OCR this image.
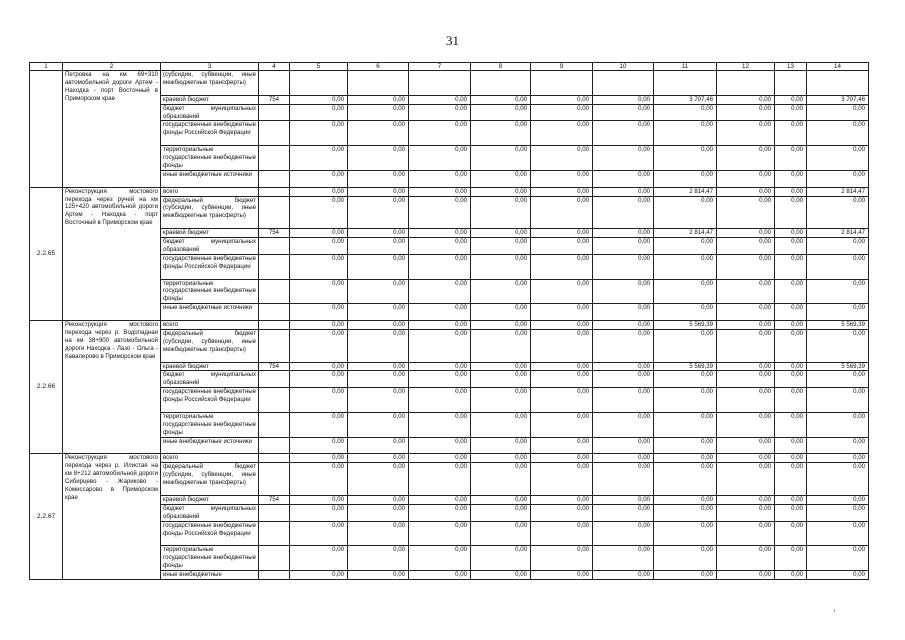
31
1	2	3	4	5	6	7	8	9	10	11	12	13	14
	Петровка на км 69+310 автомобильной дороги Артем - Находка - порт Восточный в Приморском крае	(субсидии, субвенции, иные межбюджетные трансферты)											
		краевой бюджет	754	0,00	0,00	0,00	0,00	0,00	0,00	3 707,46	0,00	0,00	3 707,46
		бюджет муниципальных образований		0,00	0,00	0,00	0,00	0,00	0,00	0,00	0,00	0,00	0,00
		государственные внебюджетные фонды Российской Федерации		0,00	0,00	0,00	0,00	0,00	0,00	0,00	0,00	0,00	0,00
		территориальные государственные внебюджетные фонды		0,00	0,00	0,00	0,00	0,00	0,00	0,00	0,00	0,00	0,00
		иные внебюджетные источники		0,00	0,00	0,00	0,00	0,00	0,00	0,00	0,00	0,00	0,00
2.2.65	Реконструкция мостового перехода через ручей на км 125+420 автомобильной дороги Артем - Находка - порт Восточный в Приморском крае	всего		0,00	0,00	0,00	0,00	0,00	0,00	2 814,47	0,00	0,00	2 814,47
		федеральный бюджет (субсидии, субвенции, иные межбюджетные трансферты)		0,00	0,00	0,00	0,00	0,00	0,00	0,00	0,00	0,00	0,00
		краевой бюджет	754	0,00	0,00	0,00	0,00	0,00	0,00	2 814,47	0,00	0,00	2 814,47
		бюджет муниципальных образований		0,00	0,00	0,00	0,00	0,00	0,00	0,00	0,00	0,00	0,00
		государственные внебюджетные фонды Российской Федерации		0,00	0,00	0,00	0,00	0,00	0,00	0,00	0,00	0,00	0,00
		территориальные государственные внебюджетные фонды		0,00	0,00	0,00	0,00	0,00	0,00	0,00	0,00	0,00	0,00
		иные внебюджетные источники		0,00	0,00	0,00	0,00	0,00	0,00	0,00	0,00	0,00	0,00
2.2.66	Реконструкция мостового перехода через р. Водопадная на км 38+900 автомобильной дороги Находка - Лазо - Ольга - Кавалерово в Приморском крае	всего		0,00	0,00	0,00	0,00	0,00	0,00	5 569,39	0,00	0,00	5 569,39
		федеральный бюджет (субсидии, субвенции, иные межбюджетные трансферты)		0,00	0,00	0,00	0,00	0,00	0,00	0,00	0,00	0,00	0,00
		краевой бюджет	754	0,00	0,00	0,00	0,00	0,00	0,00	5 569,39	0,00	0,00	5 569,39
		бюджет муниципальных образований		0,00	0,00	0,00	0,00	0,00	0,00	0,00	0,00	0,00	0,00
		государственные внебюджетные фонды Российской Федерации		0,00	0,00	0,00	0,00	0,00	0,00	0,00	0,00	0,00	0,00
		территориальные государственные внебюджетные фонды		0,00	0,00	0,00	0,00	0,00	0,00	0,00	0,00	0,00	0,00
		иные внебюджетные источники		0,00	0,00	0,00	0,00	0,00	0,00	0,00	0,00	0,00	0,00
2.2.67	Реконструкция мостового перехода через р. Илистая на км 8+212 автомобильной дороги Сибирцево - Жариково - Комиссарово в Приморском крае	всего		0,00	0,00	0,00	0,00	0,00	0,00	0,00	0,00	0,00	0,00
		федеральный бюджет (субсидии, субвенции, иные межбюджетные трансферты)		0,00	0,00	0,00	0,00	0,00	0,00	0,00	0,00	0,00	0,00
		краевой бюджет	754	0,00	0,00	0,00	0,00	0,00	0,00	0,00	0,00	0,00	0,00
		бюджет муниципальных образований		0,00	0,00	0,00	0,00	0,00	0,00	0,00	0,00	0,00	0,00
		государственные внебюджетные фонды Российской Федерации		0,00	0,00	0,00	0,00	0,00	0,00	0,00	0,00	0,00	0,00
		территориальные государственные внебюджетные фонды		0,00	0,00	0,00	0,00	0,00	0,00	0,00	0,00	0,00	0,00
		иные внебюджетные		0,00	0,00	0,00	0,00	0,00	0,00	0,00	0,00	0,00	0,00
